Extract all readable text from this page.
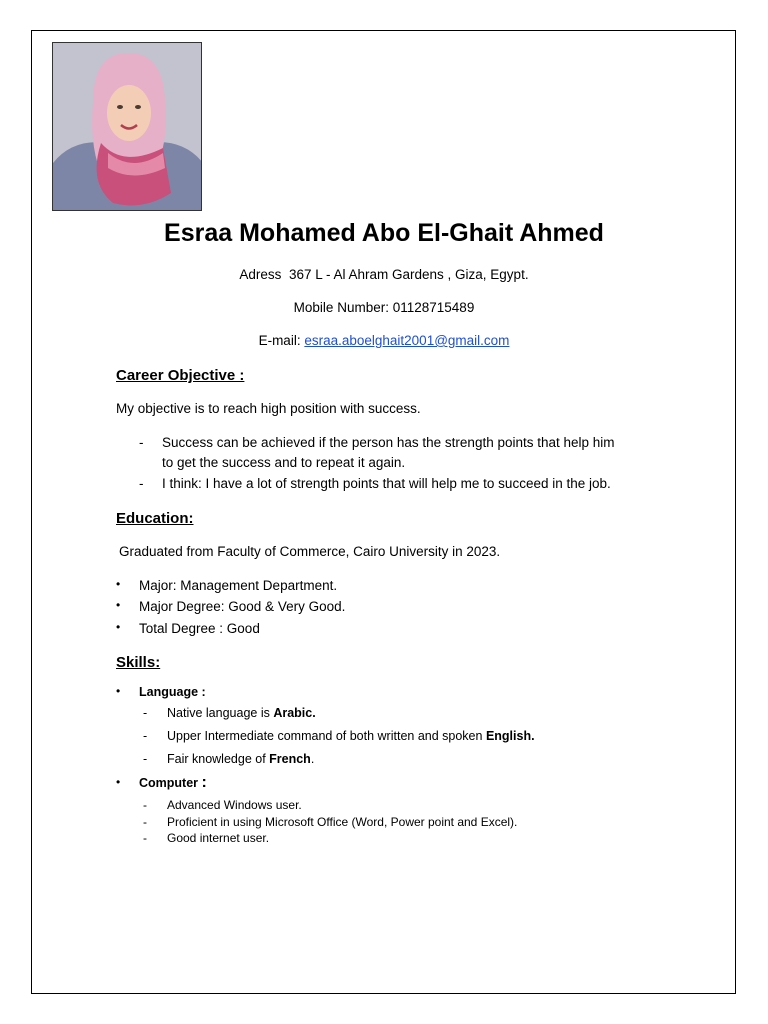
Esraa Mohamed Abo El-Ghait Ahmed
Adress 367 L - Al Ahram Gardens , Giza, Egypt.
Mobile Number: 01128715489
E-mail: esraa.aboelghait2001@gmail.com
Career Objective :
My objective is to reach high position with success.
- Success can be achieved if the person has the strength points that help him
to get the success and to repeat it again.
- I think: I have a lot of strength points that will help me to succeed in the job.
Education:
Graduated from Faculty of Commerce, Cairo University in 2023.
• Major: Management Department.
• Major Degree: Good & Very Good.
• Total Degree : Good
Skills:
• Language :
- Native language is Arabic.
- Upper Intermediate command of both written and spoken English.
- Fair knowledge of French.
• Computer :
- Advanced Windows user.
- Proficient in using Microsoft Office (Word, Power point and Excel).
- Good internet user.
